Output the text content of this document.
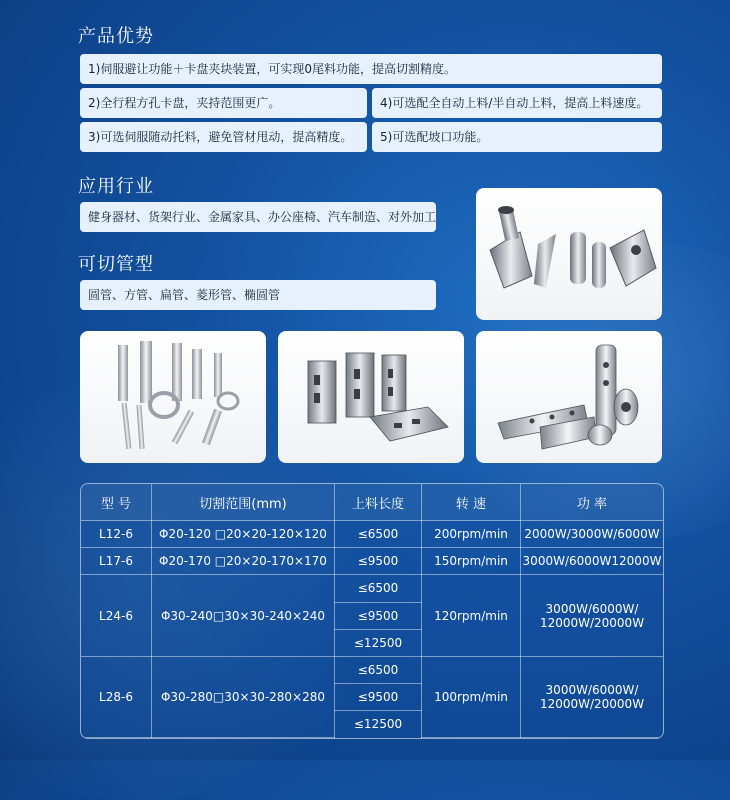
产品优势
1)伺服避让功能＋卡盘夹块装置，可实现0尾料功能，提高切割精度。
2)全行程方孔卡盘，夹持范围更广。	4)可选配全自动上料/半自动上料，提高上料速度。
3)可选伺服随动托料，避免管材甩动，提高精度。	5)可选配坡口功能。
应用行业
健身器材、货架行业、金属家具、办公座椅、汽车制造、对外加工
可切管型
圆管、方管、扁管、菱形管、椭圆管
型 号	切割范围(mm)	上料长度	转 速	功 率
L12-6	Φ20-120 □20×20-120×120	≤6500	200rpm/min	2000W/3000W/6000W
L17-6	Φ20-170 □20×20-170×170	≤9500	150rpm/min	3000W/6000W12000W
L24-6	Φ30-240□30×30-240×240	≤6500	120rpm/min	3000W/6000W/
12000W/20000W

		≤9500		
		≤12500		
L28-6	Φ30-280□30×30-280×280	≤6500	100rpm/min	3000W/6000W/
12000W/20000W

		≤9500		
		≤12500		
